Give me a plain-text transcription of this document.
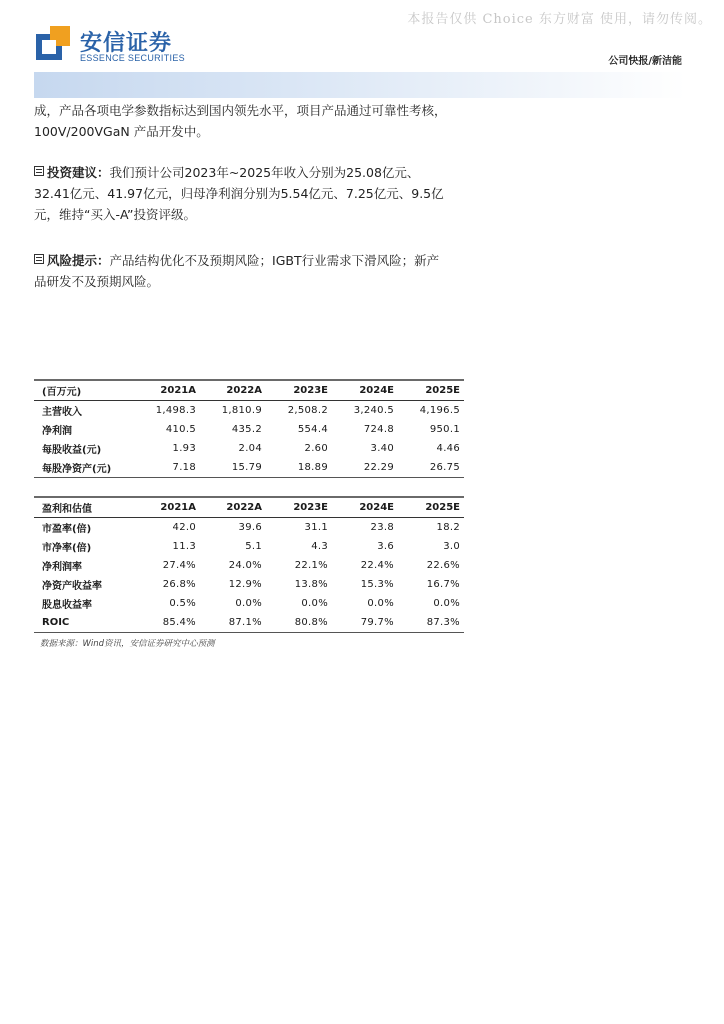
本报告仅供 Choice 东方财富 使用，请勿传阅。
安信证券
ESSENCE SECURITIES	公司快报/新洁能
成，产品各项电学参数指标达到国内领先水平，项目产品通过可靠性考核，100V/200VGaN 产品开发中。
投资建议：我们预计公司2023年~2025年收入分别为25.08亿元、32.41亿元、41.97亿元，归母净利润分别为5.54亿元、7.25亿元、9.5亿元，维持“买入-A”投资评级。
风险提示：产品结构优化不及预期风险；IGBT行业需求下滑风险；新产品研发不及预期风险。
(百万元)	2021A	2022A	2023E	2024E	2025E
主营收入	1,498.3	1,810.9	2,508.2	3,240.5	4,196.5
净利润	410.5	435.2	554.4	724.8	950.1
每股收益(元)	1.93	2.04	2.60	3.40	4.46
每股净资产(元)	7.18	15.79	18.89	22.29	26.75
盈利和估值	2021A	2022A	2023E	2024E	2025E
市盈率(倍)	42.0	39.6	31.1	23.8	18.2
市净率(倍)	11.3	5.1	4.3	3.6	3.0
净利润率	27.4%	24.0%	22.1%	22.4%	22.6%
净资产收益率	26.8%	12.9%	13.8%	15.3%	16.7%
股息收益率	0.5%	0.0%	0.0%	0.0%	0.0%
ROIC	85.4%	87.1%	80.8%	79.7%	87.3%
数据来源：Wind资讯，安信证券研究中心预测
